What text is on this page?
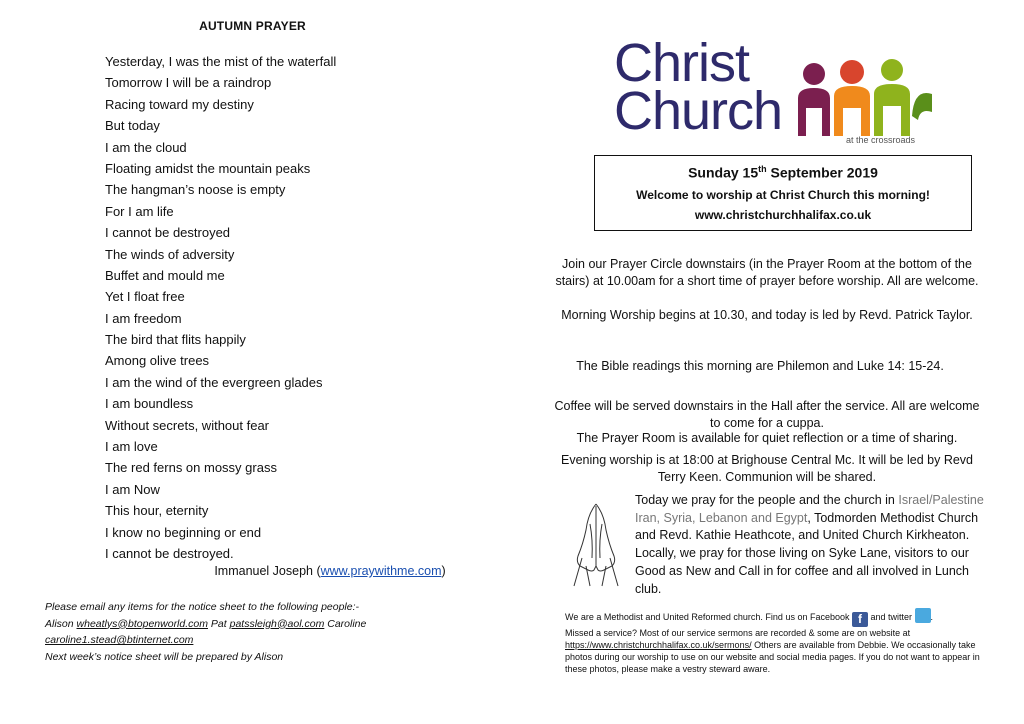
AUTUMN PRAYER
Yesterday, I was the mist of the waterfall
Tomorrow I will be a raindrop
Racing toward my destiny
But today
I am the cloud
Floating amidst the mountain peaks
The hangman’s noose is empty
For I am life
I cannot be destroyed
The winds of adversity
Buffet and mould me
Yet I float free
I am freedom
The bird that flits happily
Among olive trees
I am the wind of the evergreen glades
I am boundless
Without secrets, without fear
I am love
The red ferns on mossy grass
I am Now
This hour, eternity
I know no beginning or end
I cannot be destroyed.
Immanuel Joseph (www.praywithme.com)
Please email any items for the notice sheet to the following people:-
Alison wheatlys@btopenworld.com Pat patssleigh@aol.com Caroline
caroline1.stead@btinternet.com
Next week’s notice sheet will be prepared by Alison
Christ
Church	at the crossroads
Sunday 15th September 2019
Welcome to worship at Christ Church this morning!
www.christchurchhalifax.co.uk
Join our Prayer Circle downstairs (in the Prayer Room at the bottom of the stairs) at 10.00am for a short time of prayer before worship. All are welcome.
Morning Worship begins at 10.30, and today is led by Revd. Patrick Taylor.
The Bible readings this morning are Philemon and Luke 14: 15-24.
Coffee will be served downstairs in the Hall after the service. All are welcome to come for a cuppa.
The Prayer Room is available for quiet reflection or a time of sharing.
Evening worship is at 18:00 at Brighouse Central Mc. It will be led by Revd Terry Keen. Communion will be shared.
Today we pray for the people and the church in Israel/Palestine Iran, Syria, Lebanon and Egypt, Todmorden Methodist Church and Revd. Kathie Heathcote, and United Church Kirkheaton. Locally, we pray for those living on Syke Lane, visitors to our Good as New and Call in for coffee and all involved in Lunch club.
We are a Methodist and United Reformed church. Find us on Facebook f and twitter .
Missed a service? Most of our service sermons are recorded & some are on website at
https://www.christchurchhalifax.co.uk/sermons/ Others are available from Debbie. We occasionally take photos during our worship to use on our website and social media pages. If you do not want to appear in these photos, please make a vestry steward aware.
